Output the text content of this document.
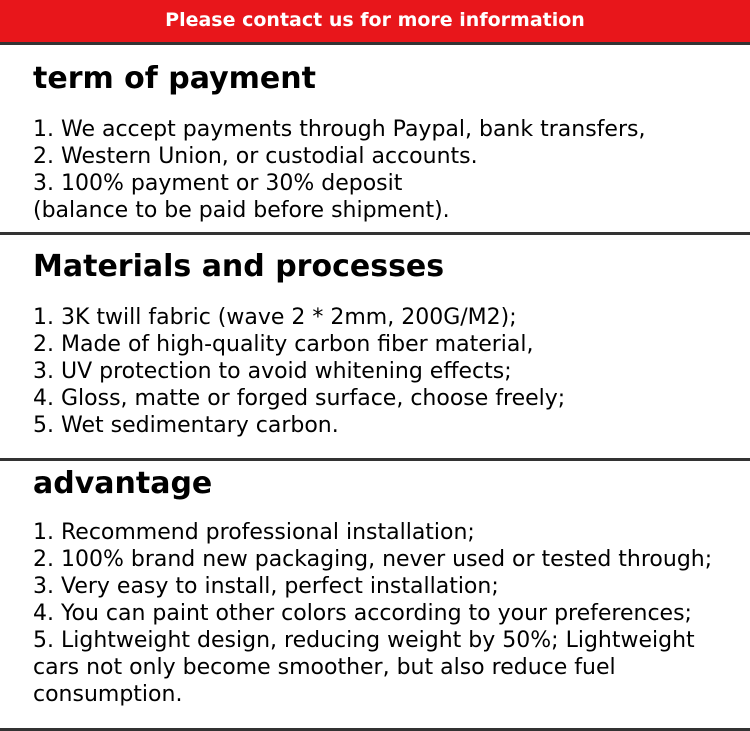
Please contact us for more information
term of payment
1. We accept payments through Paypal, bank transfers,
2. Western Union, or custodial accounts.
3. 100% payment or 30% deposit
(balance to be paid before shipment).
Materials and processes
1. 3K twill fabric (wave 2 * 2mm, 200G/M2);
2. Made of high-quality carbon fiber material,
3. UV protection to avoid whitening effects;
4. Gloss, matte or forged surface, choose freely;
5. Wet sedimentary carbon.
advantage
1. Recommend professional installation;
2. 100% brand new packaging, never used or tested through;
3. Very easy to install, perfect installation;
4. You can paint other colors according to your preferences;
5. Lightweight design, reducing weight by 50%; Lightweight
cars not only become smoother, but also reduce fuel
consumption.
